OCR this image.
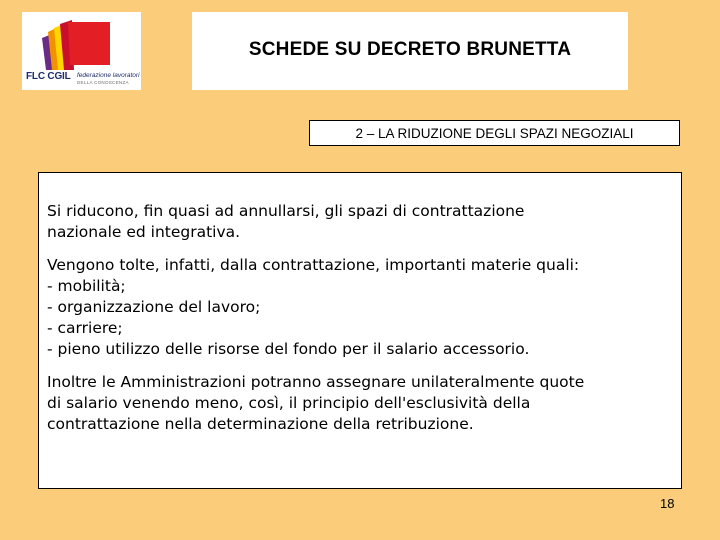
FLC CGIL federazione lavoratori
DELLA CONOSCENZA
SCHEDE SU DECRETO BRUNETTA
2 – LA RIDUZIONE DEGLI SPAZI NEGOZIALI

Si riducono, fin quasi ad annullarsi, gli spazi di contrattazione
nazionale ed integrativa.

Vengono tolte, infatti, dalla contrattazione, importanti materie quali:
- mobilità;
- organizzazione del lavoro;
- carriere;
- pieno utilizzo delle risorse del fondo per il salario accessorio.

Inoltre le Amministrazioni potranno assegnare unilateralmente quote
di salario venendo meno, così, il principio dell'esclusività della
contrattazione nella determinazione della retribuzione.

18
